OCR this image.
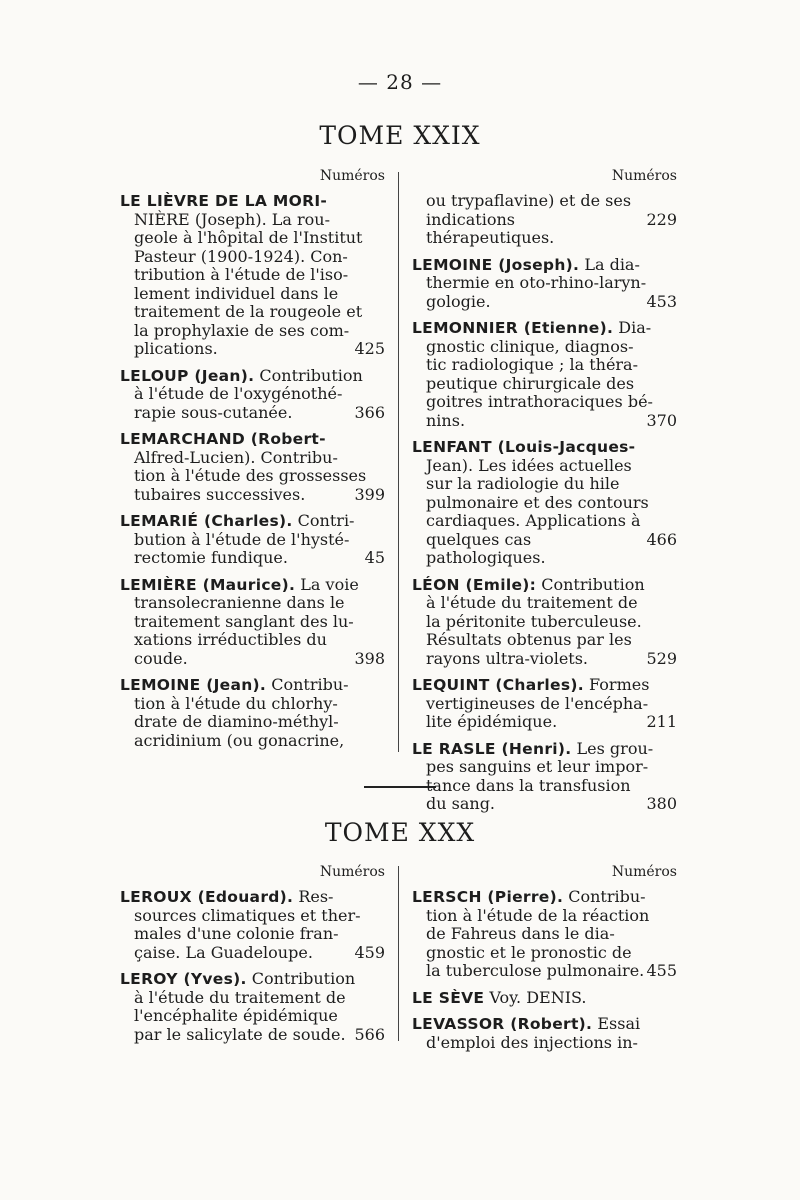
— 28 —
TOME XXIX
TOME XXX
Numéros
LE LIÈVRE DE LA MORI-
NIÈRE (Joseph). La rou-
geole à l'hôpital de l'Institut
Pasteur (1900-1924). Con-
tribution à l'étude de l'iso-
lement individuel dans le
traitement de la rougeole et
la prophylaxie de ses com-
425
plications.
LELOUP (Jean). Contribution
à l'étude de l'oxygénothé-
366
rapie sous-cutanée.
LEMARCHAND (Robert-
Alfred-Lucien). Contribu-
tion à l'étude des grossesses
399
tubaires successives.
LEMARIÉ (Charles). Contri-
bution à l'étude de l'hysté-
45
rectomie fundique.
LEMIÈRE (Maurice). La voie
transolecranienne dans le
traitement sanglant des lu-
xations irréductibles du
398
coude.
LEMOINE (Jean). Contribu-
tion à l'étude du chlorhy-
drate de diamino-méthyl-
acridinium (ou gonacrine,
Numéros
ou trypaflavine) et de ses
229
indications thérapeutiques.
LEMOINE (Joseph). La dia-
thermie en oto-rhino-laryn-
453
gologie.
LEMONNIER (Etienne). Dia-
gnostic clinique, diagnos-
tic radiologique ; la théra-
peutique chirurgicale des
goitres intrathoraciques bé-
370
nins.
LENFANT (Louis-Jacques-
Jean). Les idées actuelles
sur la radiologie du hile
pulmonaire et des contours
cardiaques. Applications à
466
quelques cas pathologiques.
LÉON (Emile): Contribution
à l'étude du traitement de
la péritonite tuberculeuse.
Résultats obtenus par les
529
rayons ultra-violets.
LEQUINT (Charles). Formes
vertigineuses de l'encépha-
211
lite épidémique.
LE RASLE (Henri). Les grou-
pes sanguins et leur impor-
tance dans la transfusion
380
du sang.
Numéros
LEROUX (Edouard). Res-
sources climatiques et ther-
males d'une colonie fran-
459
çaise. La Guadeloupe.
LEROY (Yves). Contribution
à l'étude du traitement de
l'encéphalite épidémique
566
par le salicylate de soude.
Numéros
LERSCH (Pierre). Contribu-
tion à l'étude de la réaction
de Fahreus dans le dia-
gnostic et le pronostic de
455
la tuberculose pulmonaire.
LE SÈVE Voy. DENIS.
LEVASSOR (Robert). Essai
d'emploi des injections in-
